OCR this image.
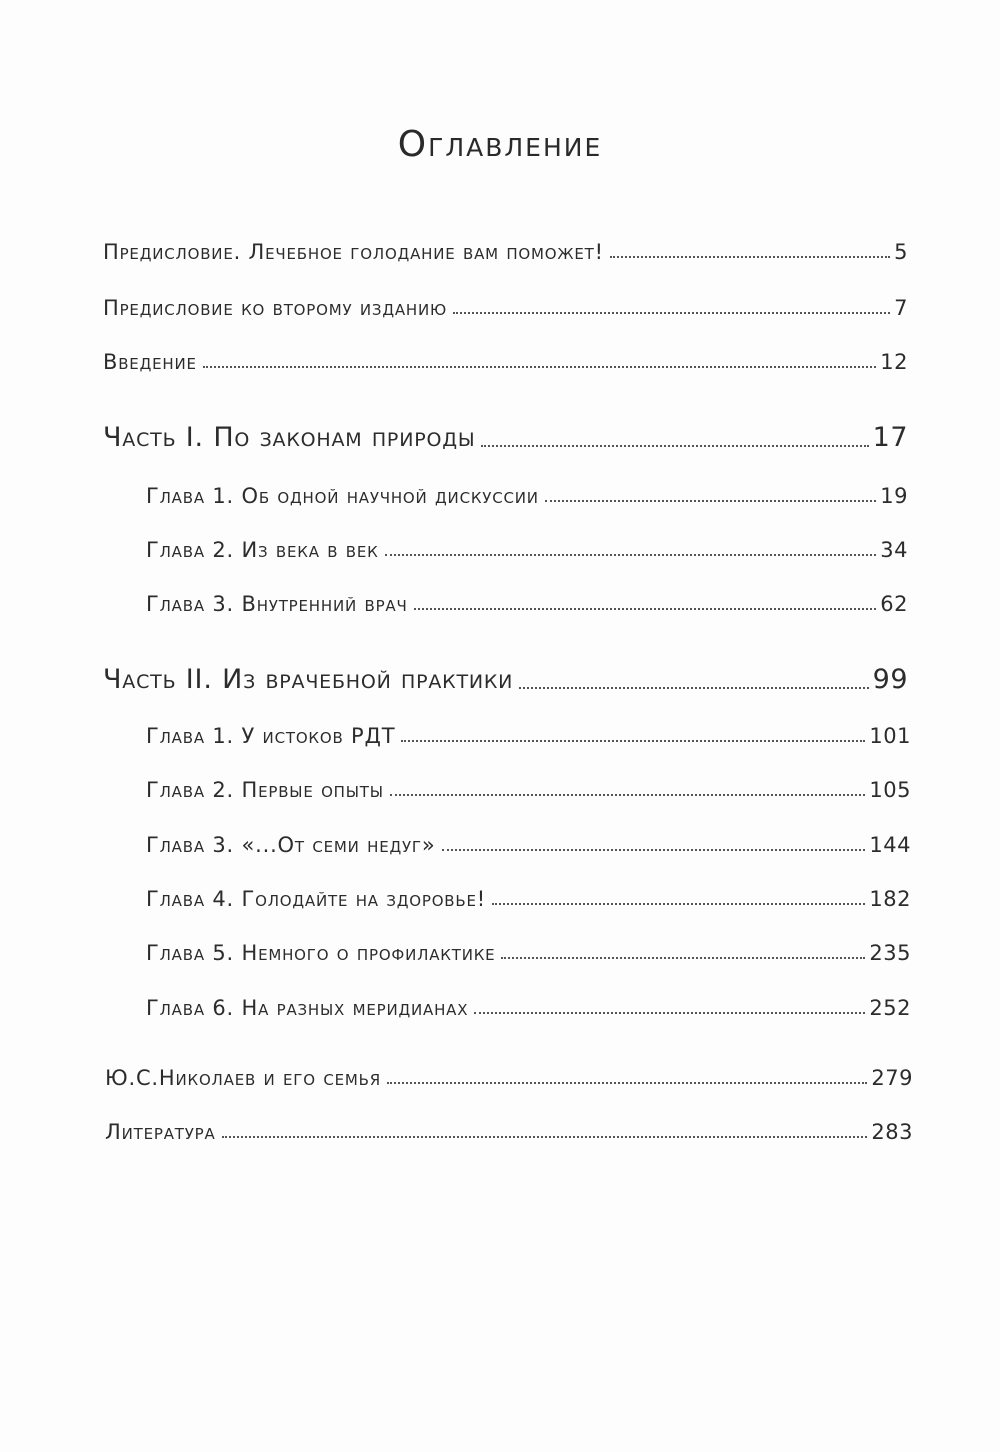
Оглавление
Предисловие. Лечебное голодание вам поможет!	5
Предисловие ко второму изданию	7
Введение	12
Часть I. По законам природы	17
Глава 1. Об одной научной дискуссии	19
Глава 2. Из века в век	34
Глава 3. Внутренний врач	62
Часть II. Из врачебной практики	99
Глава 1. У истоков РДТ	101
Глава 2. Первые опыты	105
Глава 3. «...От семи недуг»	144
Глава 4. Голодайте на здоровье!	182
Глава 5. Немного о профилактике	235
Глава 6. На разных меридианах	252
Ю.С.Николаев и его семья	279
Литература	283
